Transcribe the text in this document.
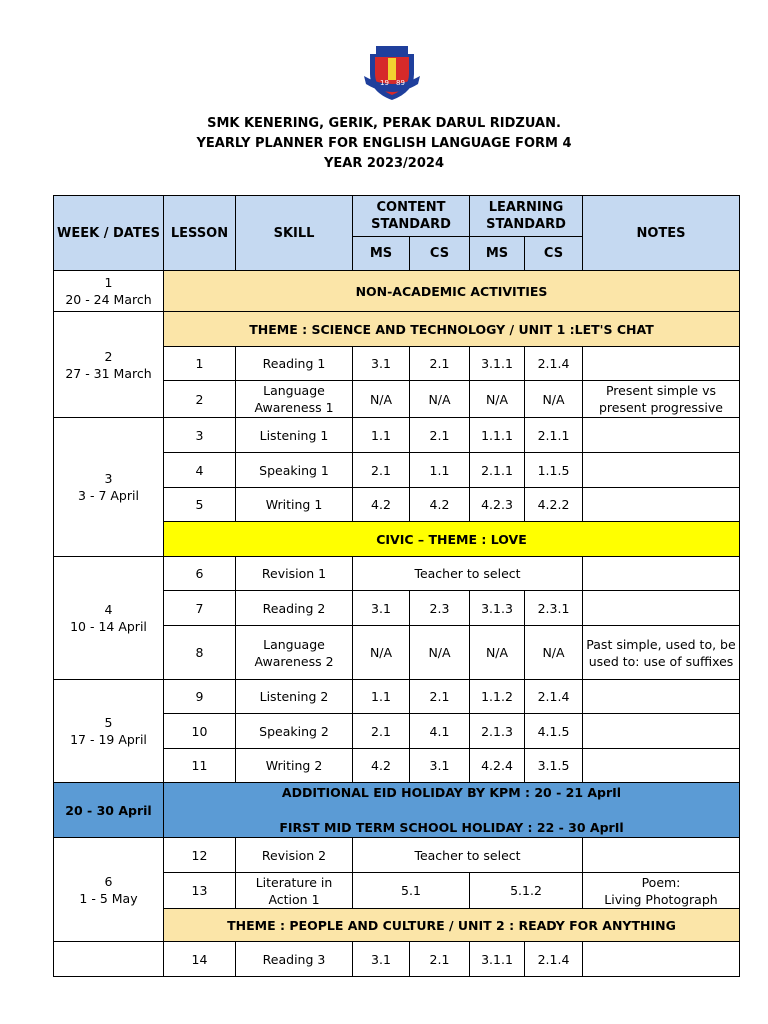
19 89
SMK KENERING, GERIK, PERAK DARUL RIDZUAN.
YEARLY PLANNER FOR ENGLISH LANGUAGE FORM 4
YEAR 2023/2024
WEEK / DATES	LESSON	SKILL	CONTENT STANDARD		LEARNING STANDARD		NOTES
			MS	CS	MS	CS	

1
20 - 24 March	NON-ACADEMIC ACTIVITIES						

2
27 - 31 March	THEME : SCIENCE AND TECHNOLOGY / UNIT 1 :LET'S CHAT						
	1	Reading 1	3.1	2.1	3.1.1	2.1.4	
	2	Language Awareness 1	N/A	N/A	N/A	N/A	Present simple vs present progressive

3
3 - 7 April	3	Listening 1	1.1	2.1	1.1.1	2.1.1	
	4	Speaking 1	2.1	1.1	2.1.1	1.1.5	
	5	Writing 1	4.2	4.2	4.2.3	4.2.2	
	CIVIC – THEME : LOVE						

4
10 - 14 April	6	Revision 1	Teacher to select				
	7	Reading 2	3.1	2.3	3.1.3	2.3.1	
	8	Language Awareness 2	N/A	N/A	N/A	N/A	Past simple, used to, be used to: use of suffixes

5
17 - 19 April	9	Listening 2	1.1	2.1	1.1.2	2.1.4	
	10	Speaking 2	2.1	4.1	2.1.3	4.1.5	
	11	Writing 2	4.2	3.1	4.2.4	3.1.5	
20 - 30 April	ADDITIONAL EID HOLIDAY BY KPM : 20 - 21 AprIl
FIRST MID TERM SCHOOL HOLIDAY : 22 - 30 AprIl						

6
1 - 5 May	12	Revision 2	Teacher to select				
	13	Literature in Action 1	5.1		5.1.2		Poem:
Living Photograph

	THEME : PEOPLE AND CULTURE / UNIT 2 : READY FOR ANYTHING						
	14	Reading 3	3.1	2.1	3.1.1	2.1.4	
